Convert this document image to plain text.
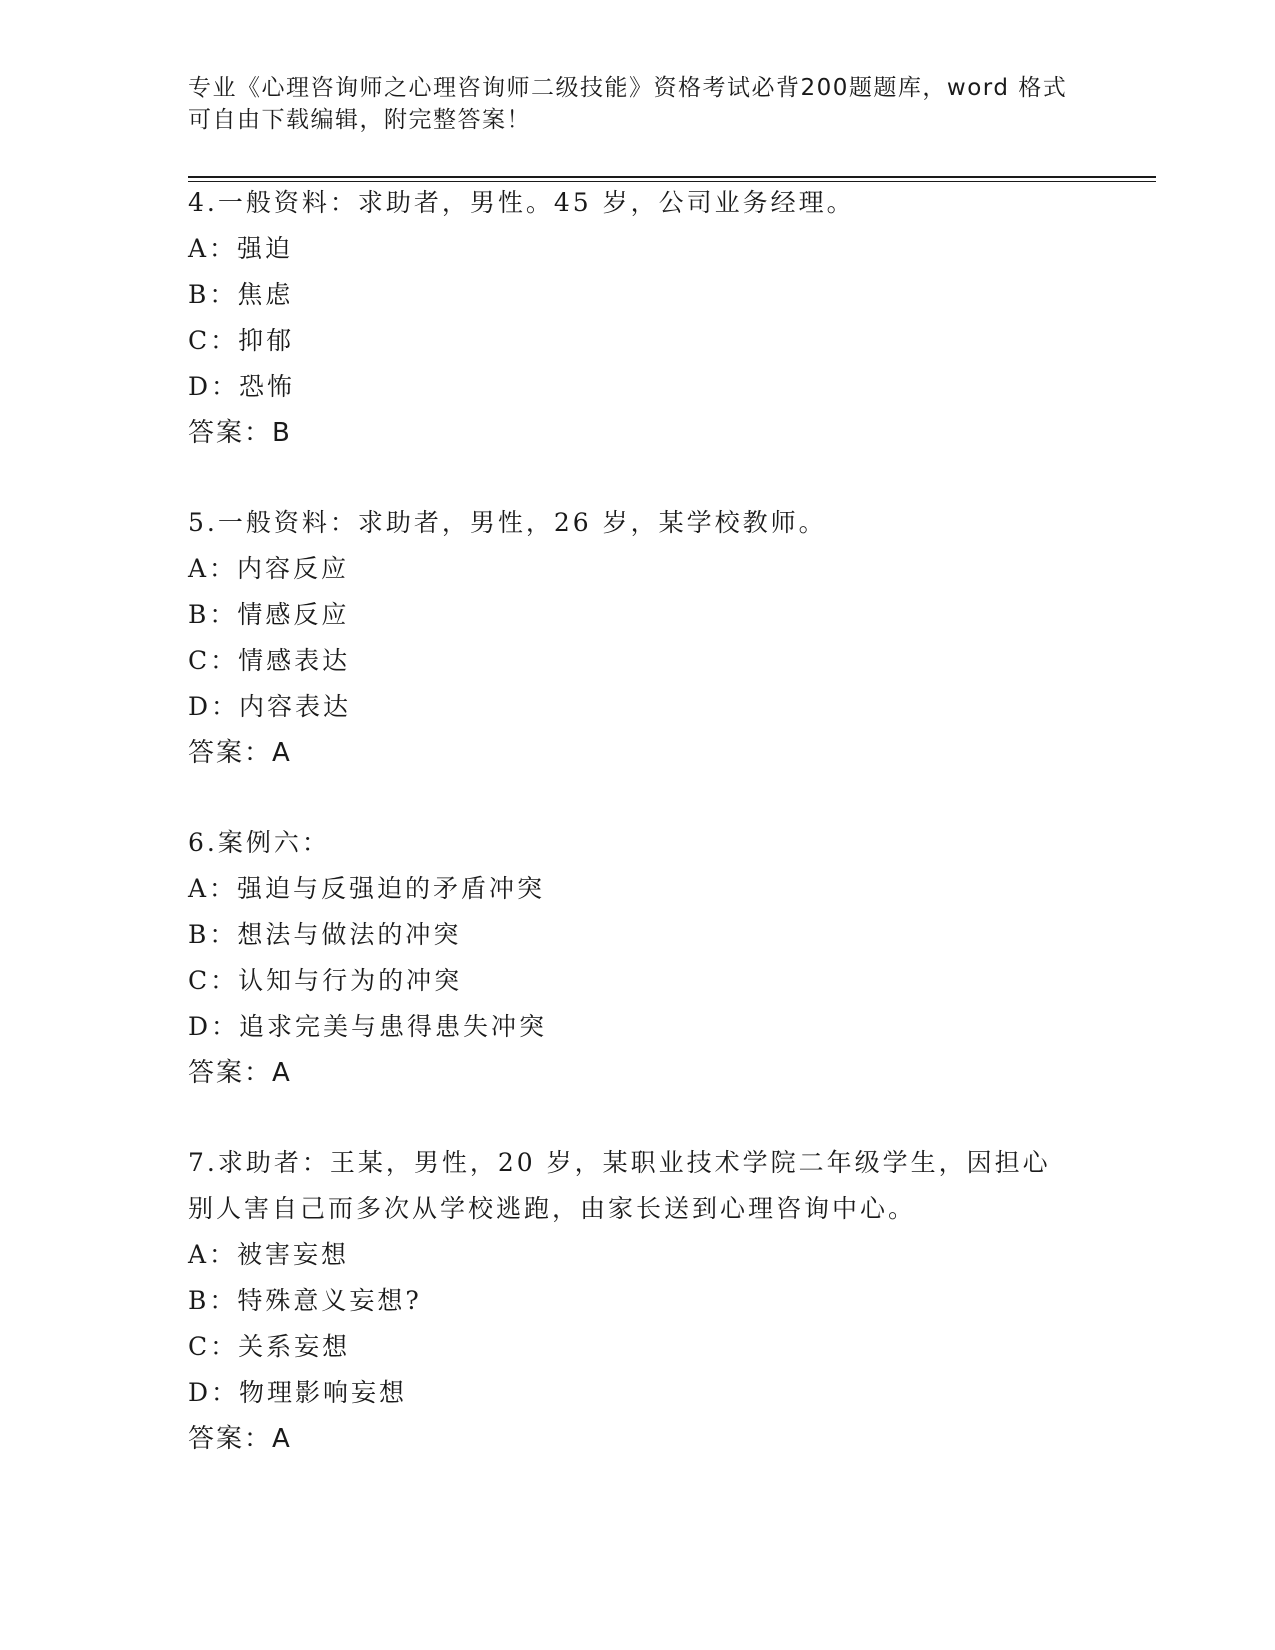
专业《心理咨询师之心理咨询师二级技能》资格考试必背200题题库，word 格式
可自由下载编辑，附完整答案！
4.一般资料：求助者，男性。45 岁，公司业务经理。
A：强迫
B：焦虑
C：抑郁
D：恐怖
答案：B
5.一般资料：求助者，男性，26 岁，某学校教师。
A：内容反应
B：情感反应
C：情感表达
D：内容表达
答案：A
6.案例六：
A：强迫与反强迫的矛盾冲突
B：想法与做法的冲突
C：认知与行为的冲突
D：追求完美与患得患失冲突
答案：A
7.求助者：王某，男性，20 岁，某职业技术学院二年级学生，因担心
别人害自己而多次从学校逃跑，由家长送到心理咨询中心。
A：被害妄想
B：特殊意义妄想?
C：关系妄想
D：物理影响妄想
答案：A
